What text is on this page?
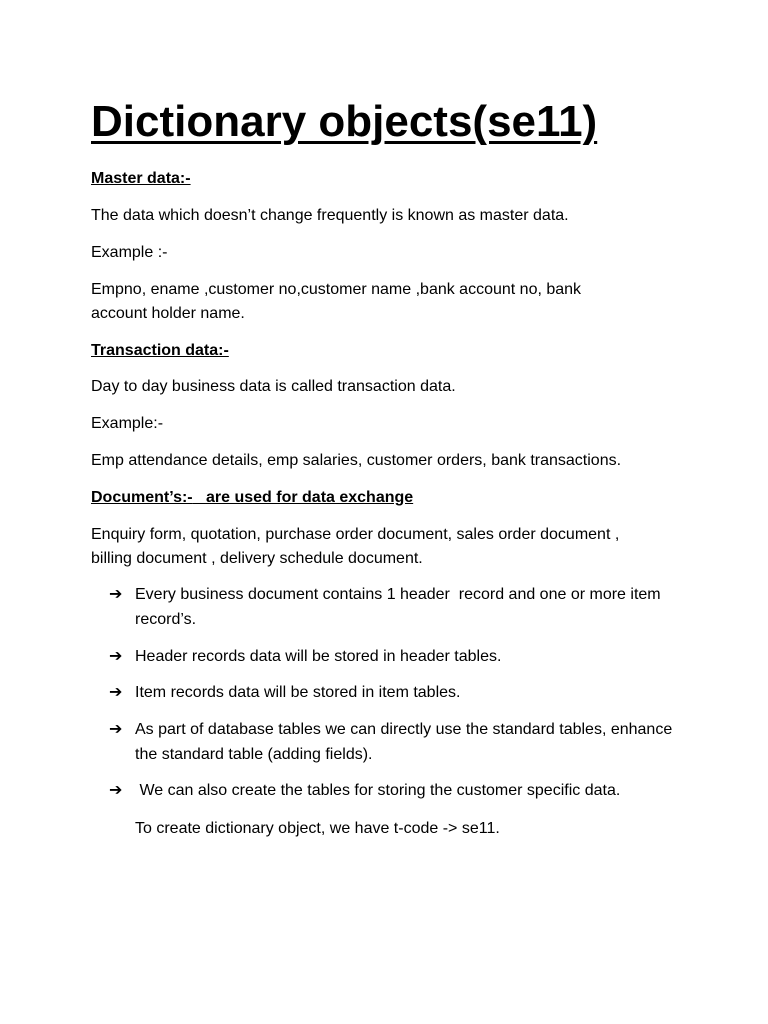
Dictionary objects(se11)

Master data:-

The data which doesn’t change frequently is known as master data.

Example :-

Empno, ename ,customer no,customer name ,bank account no, bank

account holder name.

Transaction data:-

Day to day business data is called transaction data.

Example:-

Emp attendance details, emp salaries, customer orders, bank transactions.

Document’s:- are used for data exchange

Enquiry form, quotation, purchase order document, sales order document ,

billing document , delivery schedule document.

➔ Every business document contains 1 header  record and one or more item record’s.
➔ Header records data will be stored in header tables.
➔ Item records data will be stored in item tables.
➔ As part of database tables we can directly use the standard tables, enhance the standard table (adding fields).
➔ We can also create the tables for storing the customer specific data.

To create dictionary object, we have t-code -> se11.
